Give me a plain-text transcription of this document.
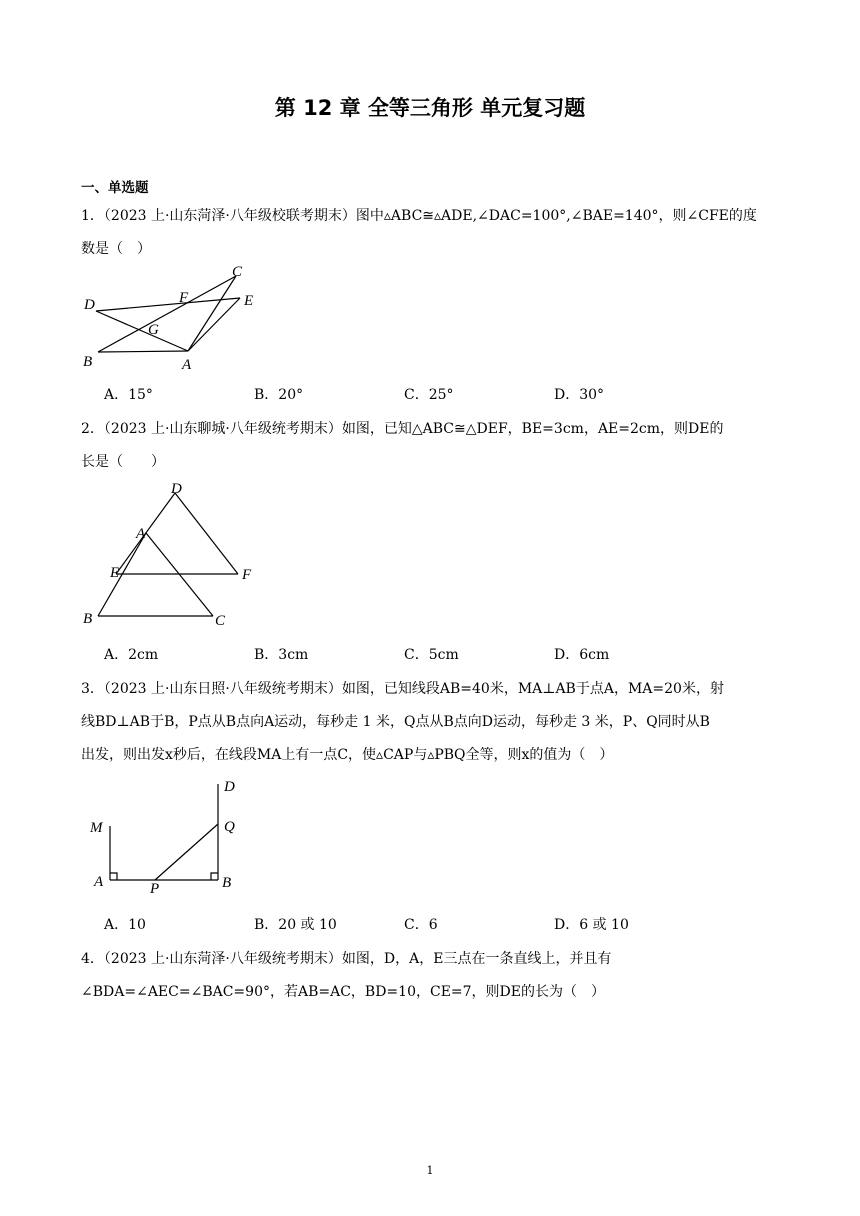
第 12 章 全等三角形 单元复习题
一、单选题
1．（2023 上·山东菏泽·八年级校联考期末）图中▵ABC≅▵ADE,∠DAC=100°,∠BAE=140°，则∠CFE的度
数是（　）
D	F
C
E
G
B	A
A．15°	B．20°	C．25°	D．30°
2．（2023 上·山东聊城·八年级统考期末）如图，已知△ABC≅△DEF，BE=3cm，AE=2cm，则DE的
长是（　　）
D
A
E	F
B	C
A．2cm	B．3cm	C．5cm	D．6cm
3．（2023 上·山东日照·八年级统考期末）如图，已知线段AB=40米，MA⊥AB于点A，MA=20米，射
线BD⊥AB于B，P点从B点向A运动，每秒走 1 米，Q点从B点向D运动，每秒走 3 米，P、Q同时从B
出发，则出发x秒后，在线段MA上有一点C，使▵CAP与▵PBQ全等，则x的值为（　）
D
M	Q
A	P	B
A．10	B．20 或 10	C．6	D．6 或 10
4．（2023 上·山东菏泽·八年级统考期末）如图，D，A，E三点在一条直线上，并且有
∠BDA=∠AEC=∠BAC=90°，若AB=AC，BD=10，CE=7，则DE的长为（　）
1
